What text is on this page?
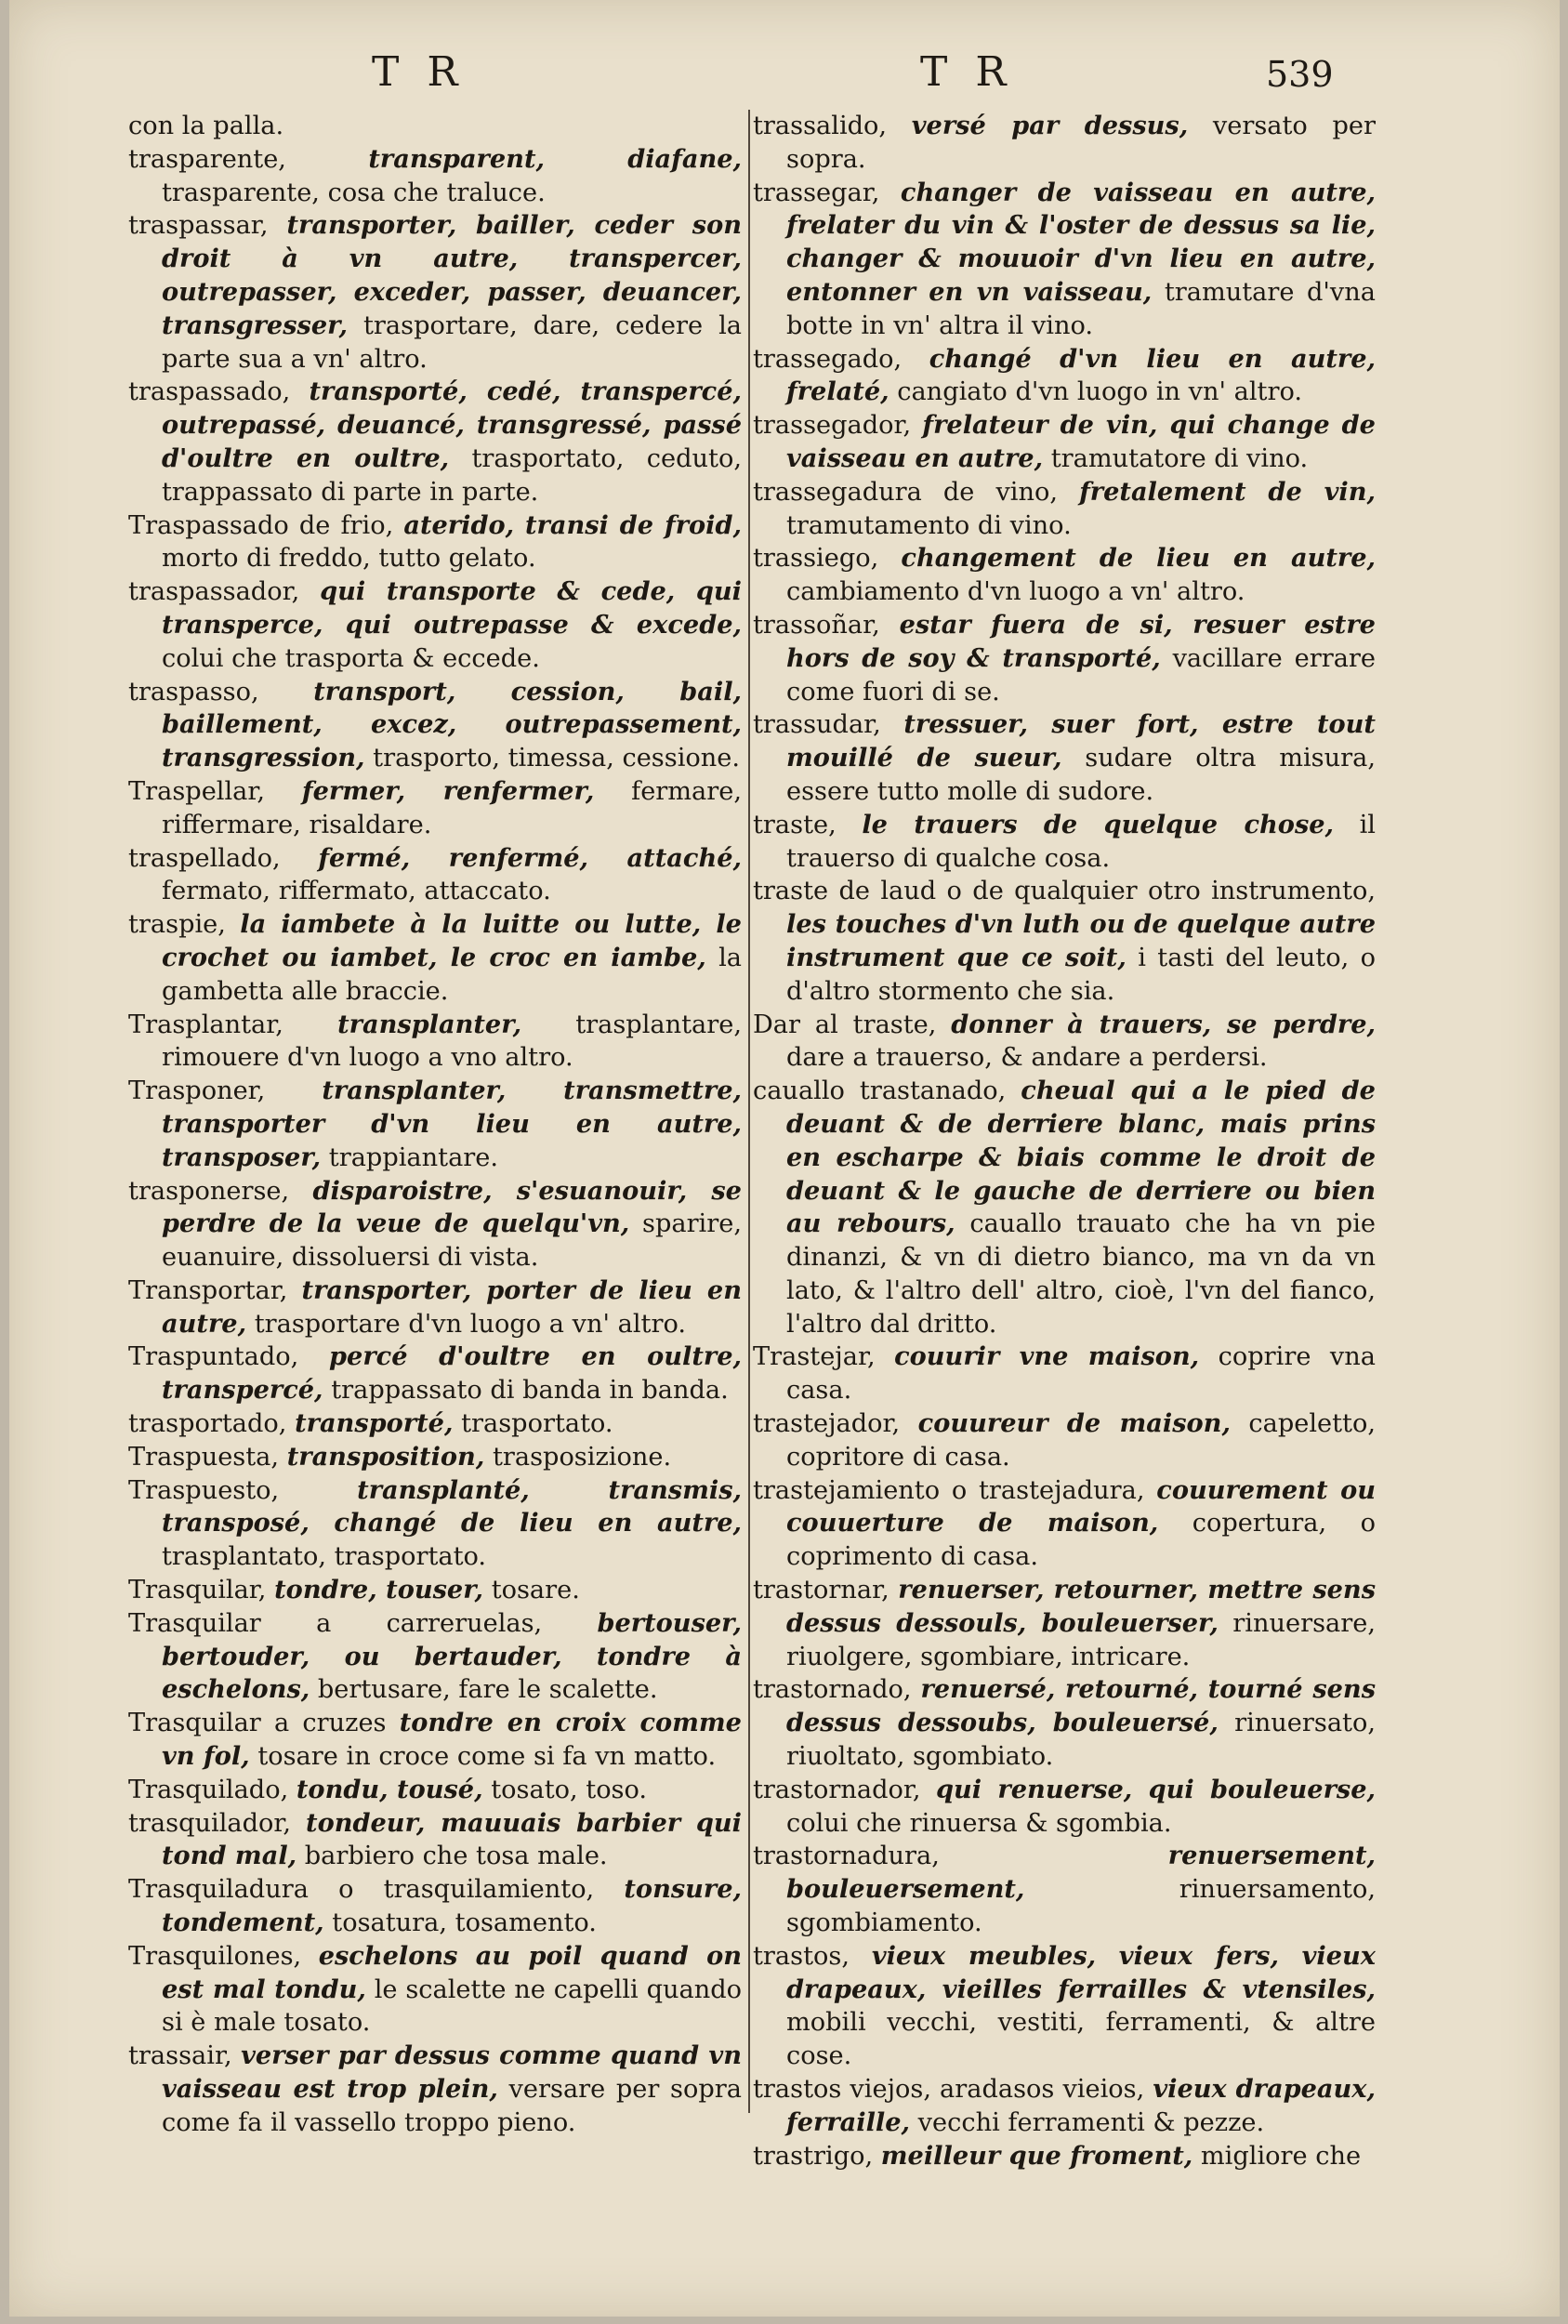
T R	T R	539
con la palla.
trasparente,	transparent, diafane, trasparente, cosa che traluce.
traspassar, transporter, bailler, ceder son droit à vn autre, transpercer, outrepasser, exceder, passer, deuancer, transgresser, trasportare, dare, cedere la parte sua a vn' altro.
traspassado, transporté, cedé, transpercé, outrepassé, deuancé, transgressé, passé d'oultre en oultre, trasportato, ceduto, trappassato di parte in parte.
Traspassado de frio, aterido, transi de froid, morto di freddo, tutto gelato.
traspassador, qui transporte & cede, qui transperce, qui outrepasse & excede, colui che trasporta & eccede.
traspasso, transport, cession, bail, baillement, excez, outrepassement, transgression, trasporto, timessa, cessione.
Traspellar, fermer, renfermer, fermare, riffermare, risaldare.
traspellado, fermé, renfermé, attaché, fermato, riffermato, attaccato.
traspie, la iambete à la luitte ou lutte, le crochet ou iambet, le croc en iambe, la gambetta alle braccie.
Trasplantar, transplanter, trasplantare, rimouere d'vn luogo a vno altro.
Trasponer, transplanter, transmettre, transporter d'vn lieu en autre, transposer, trappiantare.
trasponerse, disparoistre, s'esuanouir, se perdre de la veue de quelqu'vn, sparire, euanuire, dissoluersi di vista.
Transportar, transporter, porter de lieu en autre, trasportare d'vn luogo a vn' altro.
Traspuntado, percé d'oultre en oultre, transpercé, trappassato di banda in banda.
trasportado, transporté, trasportato.
Traspuesta, transposition, trasposizione.
Traspuesto,	transplanté, transmis, transposé, changé de lieu en autre, trasplantato, trasportato.
Trasquilar, tondre, touser, tosare.
Trasquilar a carreruelas, bertouser, bertouder, ou bertauder, tondre à eschelons, bertusare, fare le scalette.
Trasquilar a cruzes tondre en croix comme vn fol, tosare in croce come si fa vn matto.
Trasquilado, tondu, tousé, tosato, toso.
trasquilador, tondeur, mauuais barbier qui tond mal, barbiero che tosa male.
Trasquiladura o trasquilamiento, tonsure, tondement, tosatura, tosamento.
Trasquilones, eschelons au poil quand on est mal tondu, le scalette ne capelli quando si è male tosato.
trassair, verser par dessus comme quand vn vaisseau est trop plein, versare per sopra come fa il vassello troppo pieno.
trassalido, versé par dessus, versato per sopra.
trassegar, changer de vaisseau en autre, frelater du vin & l'oster de dessus sa lie, changer & mouuoir d'vn lieu en autre, entonner en vn vaisseau, tramutare d'vna botte in vn' altra il vino.
trassegado, changé d'vn lieu en autre, frelaté, cangiato d'vn luogo in vn' altro.
trassegador, frelateur de vin, qui change de vaisseau en autre, tramutatore di vino.
trassegadura de vino, fretalement de vin, tramutamento di vino.
trassiego, changement de lieu en autre, cambiamento d'vn luogo a vn' altro.
trassoñar, estar fuera de si, resuer estre hors de soy & transporté, vacillare errare come fuori di se.
trassudar, tressuer, suer fort, estre tout mouillé de sueur, sudare oltra misura, essere tutto molle di sudore.
traste, le trauers de quelque chose, il trauerso di qualche cosa.
traste de laud o de qualquier otro instrumento, les touches d'vn luth ou de quelque autre instrument que ce soit, i tasti del leuto, o d'altro stormento che sia.
Dar al traste, donner à trauers, se perdre, dare a trauerso, & andare a perdersi.
cauallo trastanado, cheual qui a le pied de deuant & de derriere blanc, mais prins en escharpe & biais comme le droit de deuant & le gauche de derriere ou bien au rebours, cauallo trauato che ha vn pie dinanzi, & vn di dietro bianco, ma vn da vn lato, & l'altro dell' altro, cioè, l'vn del fianco, l'altro dal dritto.
Trastejar, couurir vne maison, coprire vna casa.
trastejador, couureur de maison, capeletto, copritore di casa.
trastejamiento o trastejadura, couurement ou couuerture de maison, copertura, o coprimento di casa.
trastornar, renuerser, retourner, mettre sens dessus dessouls, bouleuerser, rinuersare, riuolgere, sgombiare, intricare.
trastornado, renuersé, retourné, tourné sens dessus dessoubs, bouleuersé, rinuersato, riuoltato, sgombiato.
trastornador, qui renuerse, qui bouleuerse, colui che rinuersa & sgombia.
trastornadura,	renuersement, bouleuersement,	rinuersamento, sgombiamento.
trastos, vieux meubles, vieux fers, vieux drapeaux, vieilles ferrailles & vtensiles, mobili vecchi, vestiti, ferramenti, & altre cose.
trastos viejos, aradasos vieios, vieux drapeaux, ferraille, vecchi ferramenti & pezze.
trastrigo, meilleur que froment, migliore che
